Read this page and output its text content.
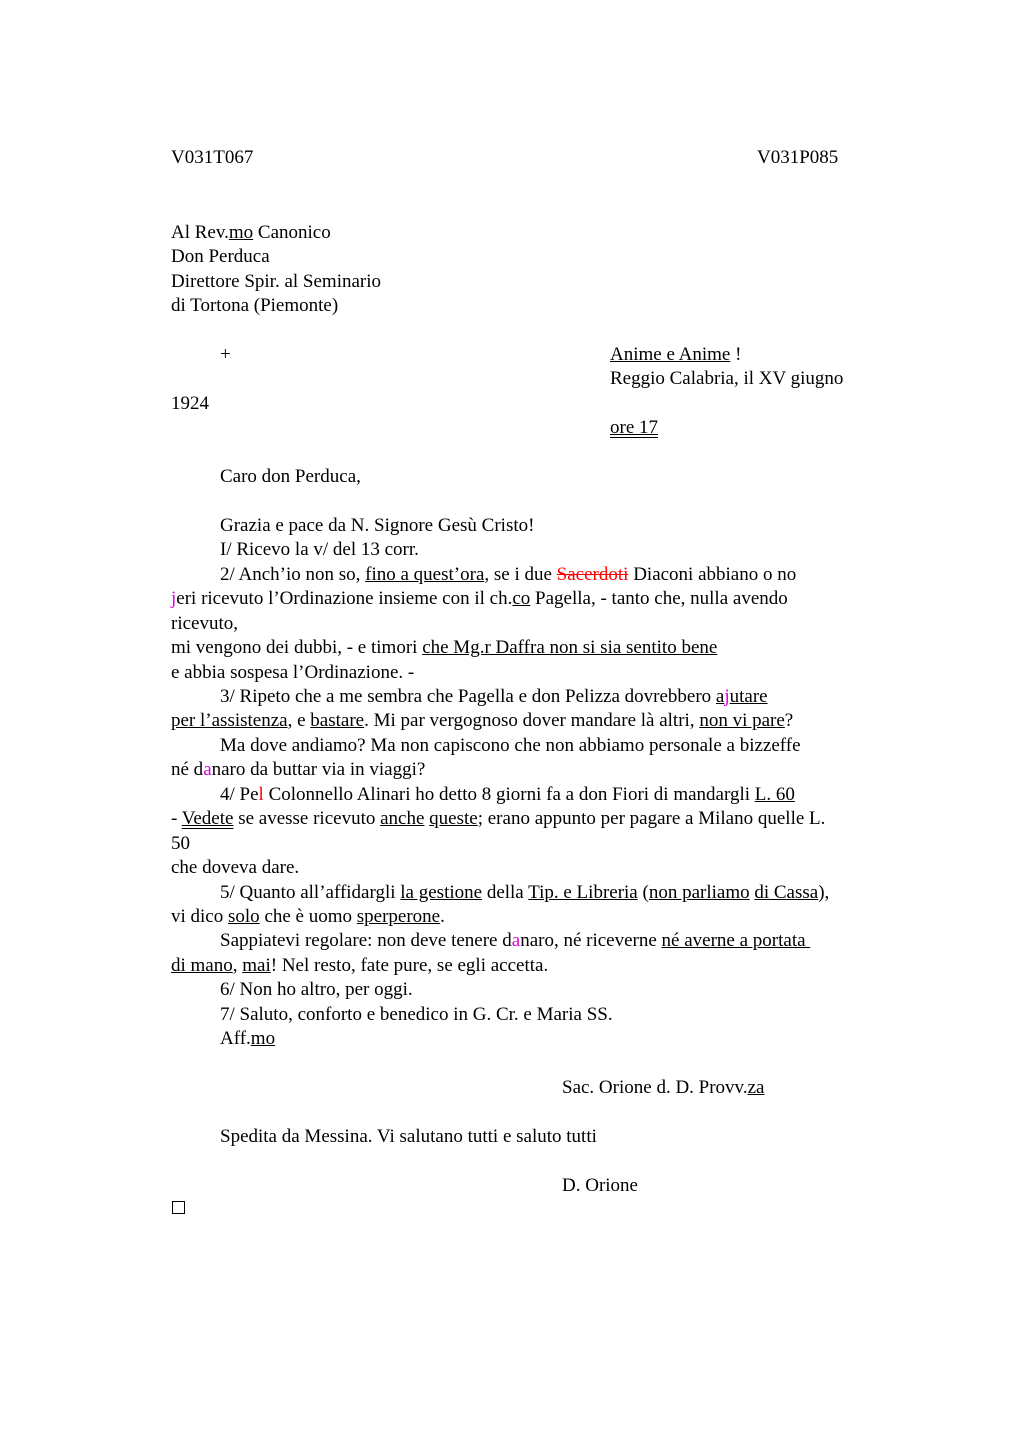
V031T067	V031P085
Al Rev.mo Canonico
Don Perduca
Direttore Spir. al Seminario
di Tortona (Piemonte)
+	Anime e Anime !
Reggio Calabria, il XV giugno
1924
ore 17
Caro don Perduca,
Grazia e pace da N. Signore Gesù Cristo!
I/ Ricevo la v/ del 13 corr.
2/ Anch’io non so, fino a quest’ora, se i due Sacerdoti Diaconi abbiano o no
jeri ricevuto l’Ordinazione insieme con il ch.co Pagella, - tanto che, nulla avendo
ricevuto,
mi vengono dei dubbi, - e timori che Mg.r Daffra non si sia sentito bene
e abbia sospesa l’Ordinazione. -
3/ Ripeto che a me sembra che Pagella e don Pelizza dovrebbero ajutare
per l’assistenza, e bastare. Mi par vergognoso dover mandare là altri, non vi pare?
Ma dove andiamo? Ma non capiscono che non abbiamo personale a bizzeffe
né danaro da buttar via in viaggi?
4/ Pel Colonnello Alinari ho detto 8 giorni fa a don Fiori di mandargli L. 60
- Vedete se avesse ricevuto anche queste; erano appunto per pagare a Milano quelle L.
50
che doveva dare.
5/ Quanto all’affidargli la gestione della Tip. e Libreria (non parliamo di Cassa),
vi dico solo che è uomo sperperone.
Sappiatevi regolare: non deve tenere danaro, né riceverne né averne a portata
di mano, mai! Nel resto, fate pure, se egli accetta.
6/ Non ho altro, per oggi.
7/ Saluto, conforto e benedico in G. Cr. e Maria SS.
Aff.mo
Sac. Orione d. D. Provv.za
Spedita da Messina. Vi salutano tutti e saluto tutti
D. Orione
